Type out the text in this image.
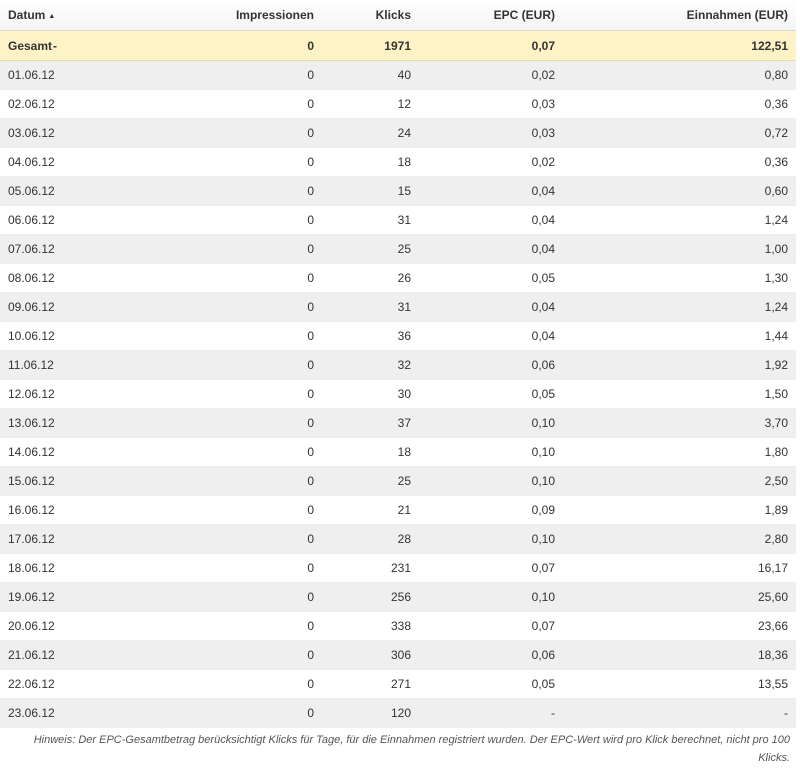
Datum ▲	Impressionen	Klicks	EPC (EUR)	Einnahmen (EUR)
Gesamt-	0	1971	0,07	122,51
01.06.12	0	40	0,02	0,80
02.06.12	0	12	0,03	0,36
03.06.12	0	24	0,03	0,72
04.06.12	0	18	0,02	0,36
05.06.12	0	15	0,04	0,60
06.06.12	0	31	0,04	1,24
07.06.12	0	25	0,04	1,00
08.06.12	0	26	0,05	1,30
09.06.12	0	31	0,04	1,24
10.06.12	0	36	0,04	1,44
11.06.12	0	32	0,06	1,92
12.06.12	0	30	0,05	1,50
13.06.12	0	37	0,10	3,70
14.06.12	0	18	0,10	1,80
15.06.12	0	25	0,10	2,50
16.06.12	0	21	0,09	1,89
17.06.12	0	28	0,10	2,80
18.06.12	0	231	0,07	16,17
19.06.12	0	256	0,10	25,60
20.06.12	0	338	0,07	23,66
21.06.12	0	306	0,06	18,36
22.06.12	0	271	0,05	13,55
23.06.12	0	120	-	-
Hinweis: Der EPC-Gesamtbetrag berücksichtigt Klicks für Tage, für die Einnahmen registriert wurden. Der EPC-Wert wird pro Klick berechnet, nicht pro 100 Klicks.
